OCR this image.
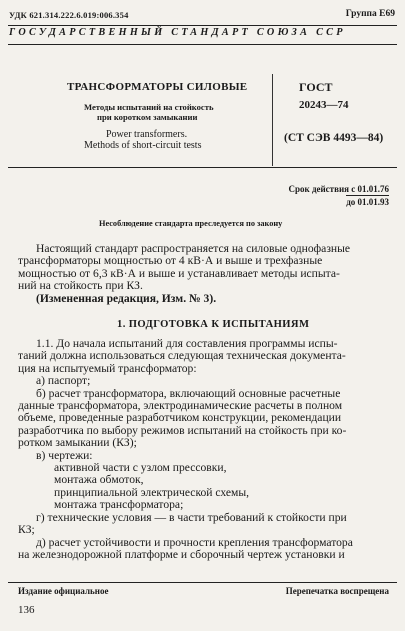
УДК 621.314.222.6.019:006.354	Группа Е69
ГОСУДАРСТВЕННЫЙ СТАНДАРТ СОЮЗА ССР
ТРАНСФОРМАТОРЫ СИЛОВЫЕ
Методы испытаний на стойкость
при коротком замыкании
Power transformers.
Methods of short-circuit tests
ГОСТ
20243—74
(СТ СЭВ 4493—84)
Срок действия с 01.01.76
до 01.01.93
Несоблюдение стандарта преследуется по закону
Настоящий стандарт распространяется на силовые однофазные
трансформаторы мощностью от 4 кВ·А и выше и трехфазные
мощностью от 6,3 кВ·А и выше и устанавливает методы испыта-
ний на стойкость при КЗ.
(Измененная редакция, Изм. № 3).
1. ПОДГОТОВКА К ИСПЫТАНИЯМ
1.1. До начала испытаний для составления программы испы-
таний должна использоваться следующая техническая документа-
ция на испытуемый трансформатор:
а) паспорт;
б) расчет трансформатора, включающий основные расчетные
данные трансформатора, электродинамические расчеты в полном
объеме, проведенные разработчиком конструкции, рекомендации
разработчика по выбору режимов испытаний на стойкость при ко-
ротком замыкании (КЗ);
в) чертежи:
активной части с узлом прессовки,
монтажа обмоток,
принципиальной электрической схемы,
монтажа трансформатора;
г) технические условия — в части требований к стойкости при
КЗ;
д) расчет устойчивости и прочности крепления трансформатора
на железнодорожной платформе и сборочный чертеж установки и
Издание официальное	Перепечатка воспрещена
136
